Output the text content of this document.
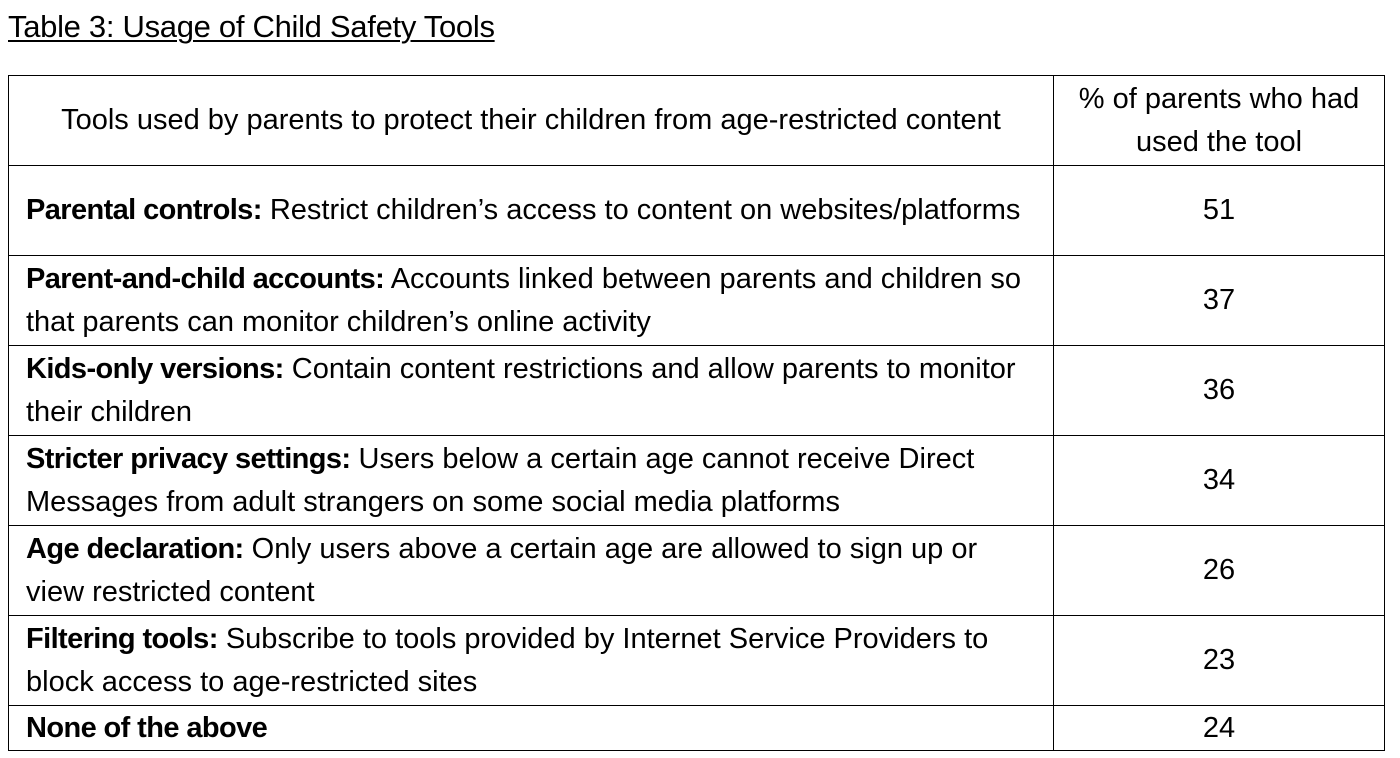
Table 3: Usage of Child Safety Tools
Tools used by parents to protect their children from age-restricted content	% of parents who had used the tool
Parental controls: Restrict children’s access to content on websites/platforms	51
Parent-and-child accounts: Accounts linked between parents and children so that parents can monitor children’s online activity	37
Kids-only versions: Contain content restrictions and allow parents to monitor their children	36
Stricter privacy settings: Users below a certain age cannot receive Direct Messages from adult strangers on some social media platforms	34
Age declaration: Only users above a certain age are allowed to sign up or view restricted content	26
Filtering tools: Subscribe to tools provided by Internet Service Providers to block access to age-restricted sites	23
None of the above	24
